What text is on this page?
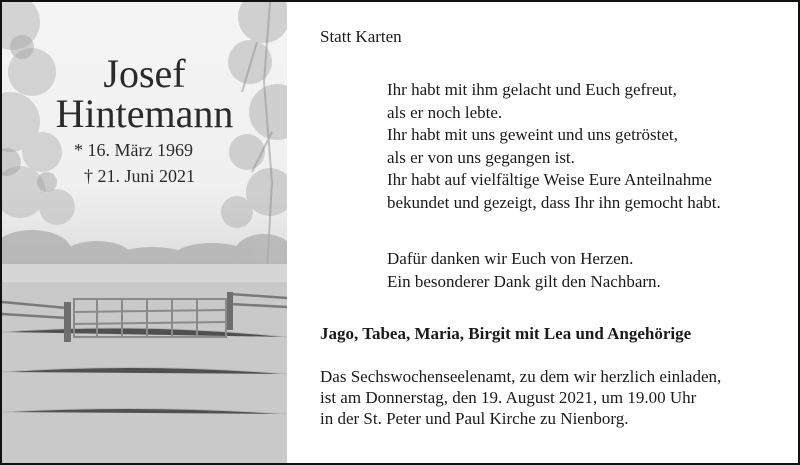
Josef
Hintemann
* 16. März 1969
† 21. Juni 2021
Statt Karten
Ihr habt mit ihm gelacht und Euch gefreut,
als er noch lebte.
Ihr habt mit uns geweint und uns getröstet,
als er von uns gegangen ist.
Ihr habt auf vielfältige Weise Eure Anteilnahme
bekundet und gezeigt, dass Ihr ihn gemocht habt.
Dafür danken wir Euch von Herzen.
Ein besonderer Dank gilt den Nachbarn.
Jago, Tabea, Maria, Birgit mit Lea und Angehörige
Das Sechswochenseelenamt, zu dem wir herzlich einladen,
ist am Donnerstag, den 19. August 2021, um 19.00 Uhr
in der St. Peter und Paul Kirche zu Nienborg.
